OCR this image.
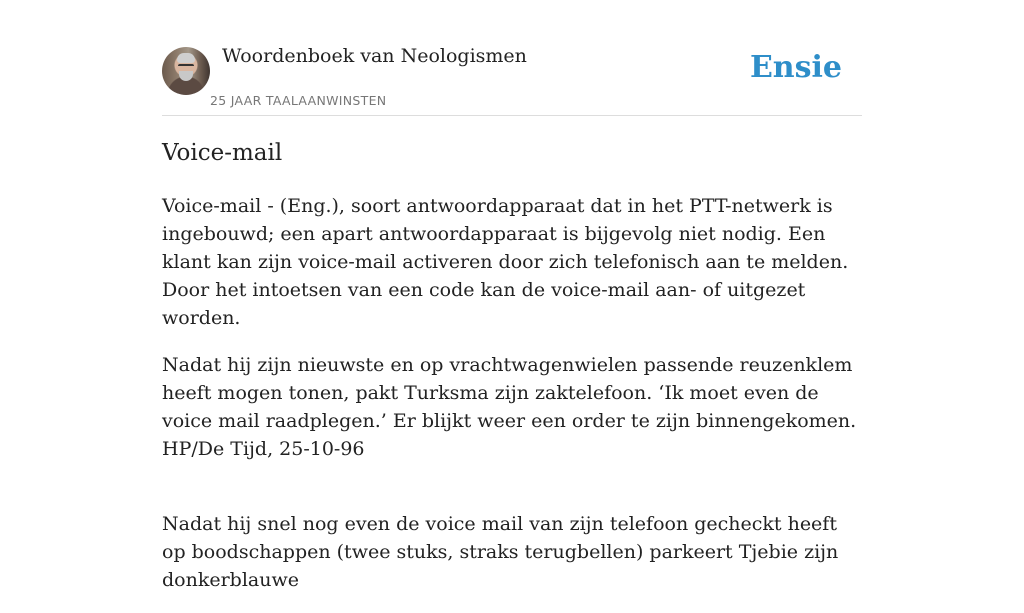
Woordenboek van Neologismen
25 JAAR TAALAANWINSTEN
Ensie
Voice-mail

Voice-mail - (Eng.), soort antwoordapparaat dat in het PTT-netwerk is ingebouwd; een apart antwoordapparaat is bijgevolg niet nodig. Een klant kan zijn voice-mail activeren door zich telefonisch aan te melden. Door het intoetsen van een code kan de voice-mail aan- of uitgezet worden.

Nadat hij zijn nieuwste en op vrachtwagenwielen passende reuzenklem heeft mogen tonen, pakt Turksma zijn zaktelefoon. ‘Ik moet even de voice mail raadplegen.’ Er blijkt weer een order te zijn binnengekomen. HP/De Tijd, 25-10-96

Nadat hij snel nog even de voice mail van zijn telefoon gecheckt heeft op boodschappen (twee stuks, straks terugbellen) parkeert Tjebie zijn donkerblauwe
